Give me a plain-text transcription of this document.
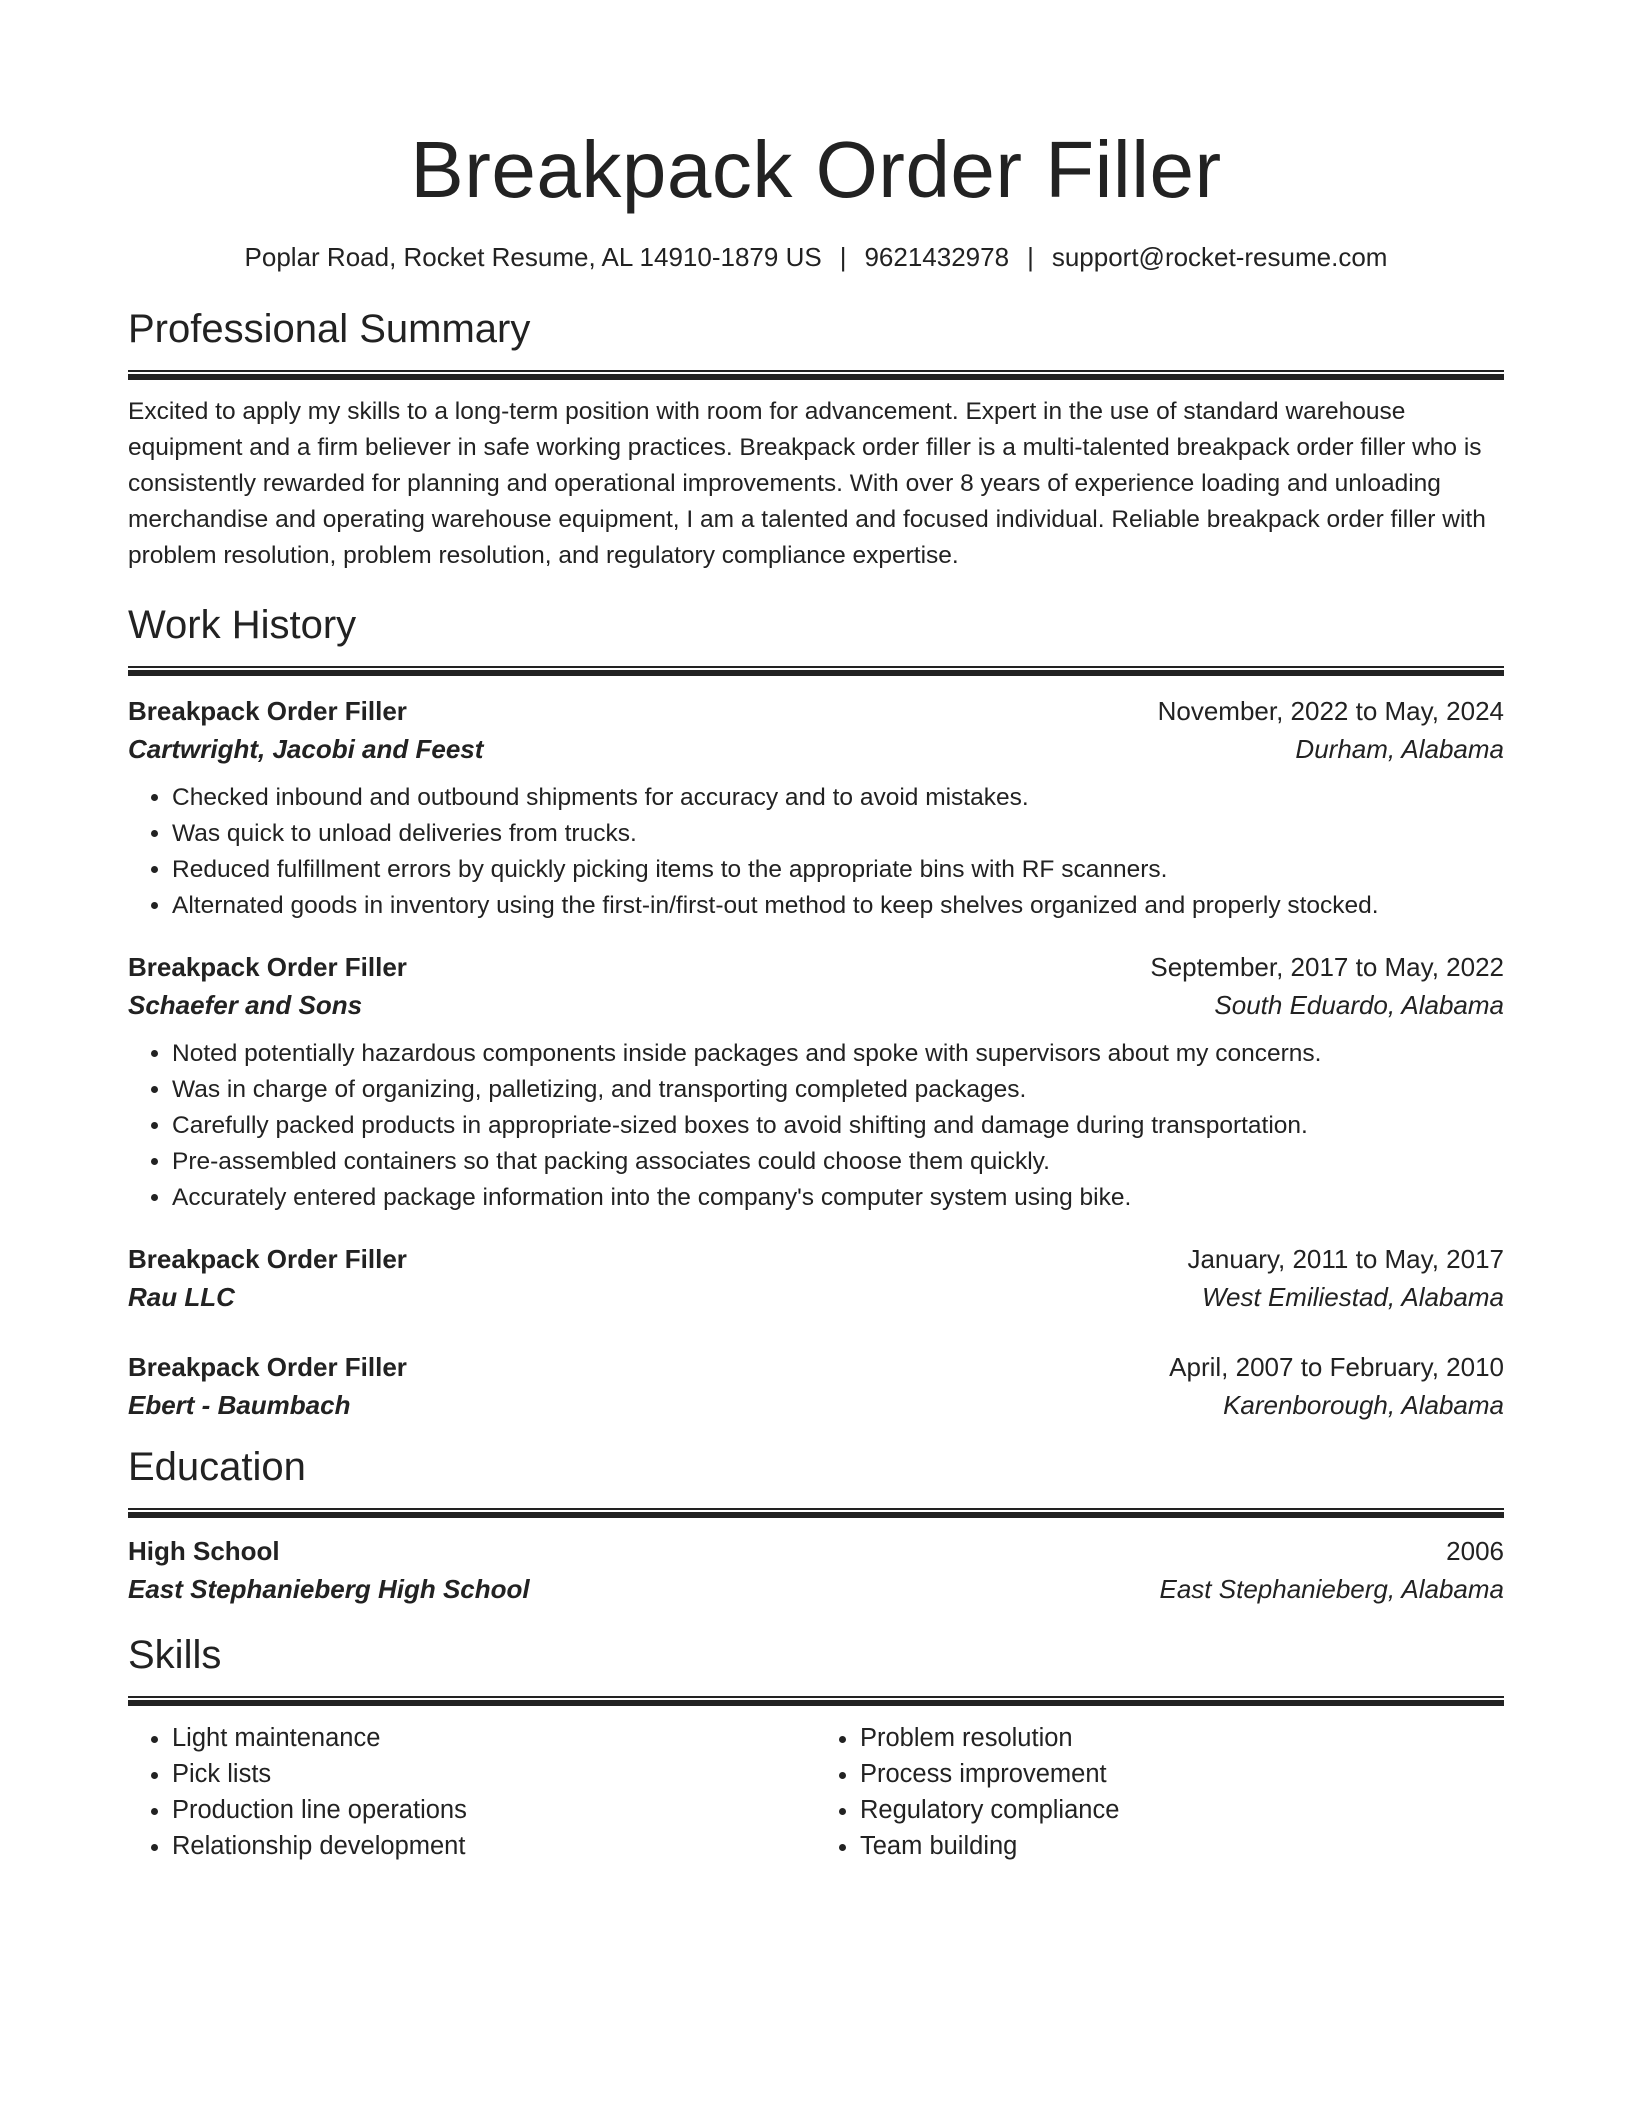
Breakpack Order Filler
Poplar Road, Rocket Resume, AL 14910-1879 US | 9621432978 | support@rocket-resume.com
Professional Summary

Excited to apply my skills to a long-term position with room for advancement. Expert in the use of standard warehouse equipment and a firm believer in safe working practices. Breakpack order filler is a multi-talented breakpack order filler who is consistently rewarded for planning and operational improvements. With over 8 years of experience loading and unloading merchandise and operating warehouse equipment, I am a talented and focused individual. Reliable breakpack order filler with problem resolution, problem resolution, and regulatory compliance expertise.

Work History
Breakpack Order Filler	November, 2022 to May, 2024
Cartwright, Jacobi and Feest	Durham, Alabama
• Checked inbound and outbound shipments for accuracy and to avoid mistakes.
• Was quick to unload deliveries from trucks.
• Reduced fulfillment errors by quickly picking items to the appropriate bins with RF scanners.
• Alternated goods in inventory using the first-in/first-out method to keep shelves organized and properly stocked.
Breakpack Order Filler	September, 2017 to May, 2022
Schaefer and Sons	South Eduardo, Alabama
• Noted potentially hazardous components inside packages and spoke with supervisors about my concerns.
• Was in charge of organizing, palletizing, and transporting completed packages.
• Carefully packed products in appropriate-sized boxes to avoid shifting and damage during transportation.
• Pre-assembled containers so that packing associates could choose them quickly.
• Accurately entered package information into the company's computer system using bike.
Breakpack Order Filler	January, 2011 to May, 2017
Rau LLC	West Emiliestad, Alabama
Breakpack Order Filler	April, 2007 to February, 2010
Ebert - Baumbach	Karenborough, Alabama
Education
High School	2006
East Stephanieberg High School	East Stephanieberg, Alabama
Skills
• Light maintenance
• Pick lists
• Production line operations
• Relationship development
• Problem resolution
• Process improvement
• Regulatory compliance
• Team building
